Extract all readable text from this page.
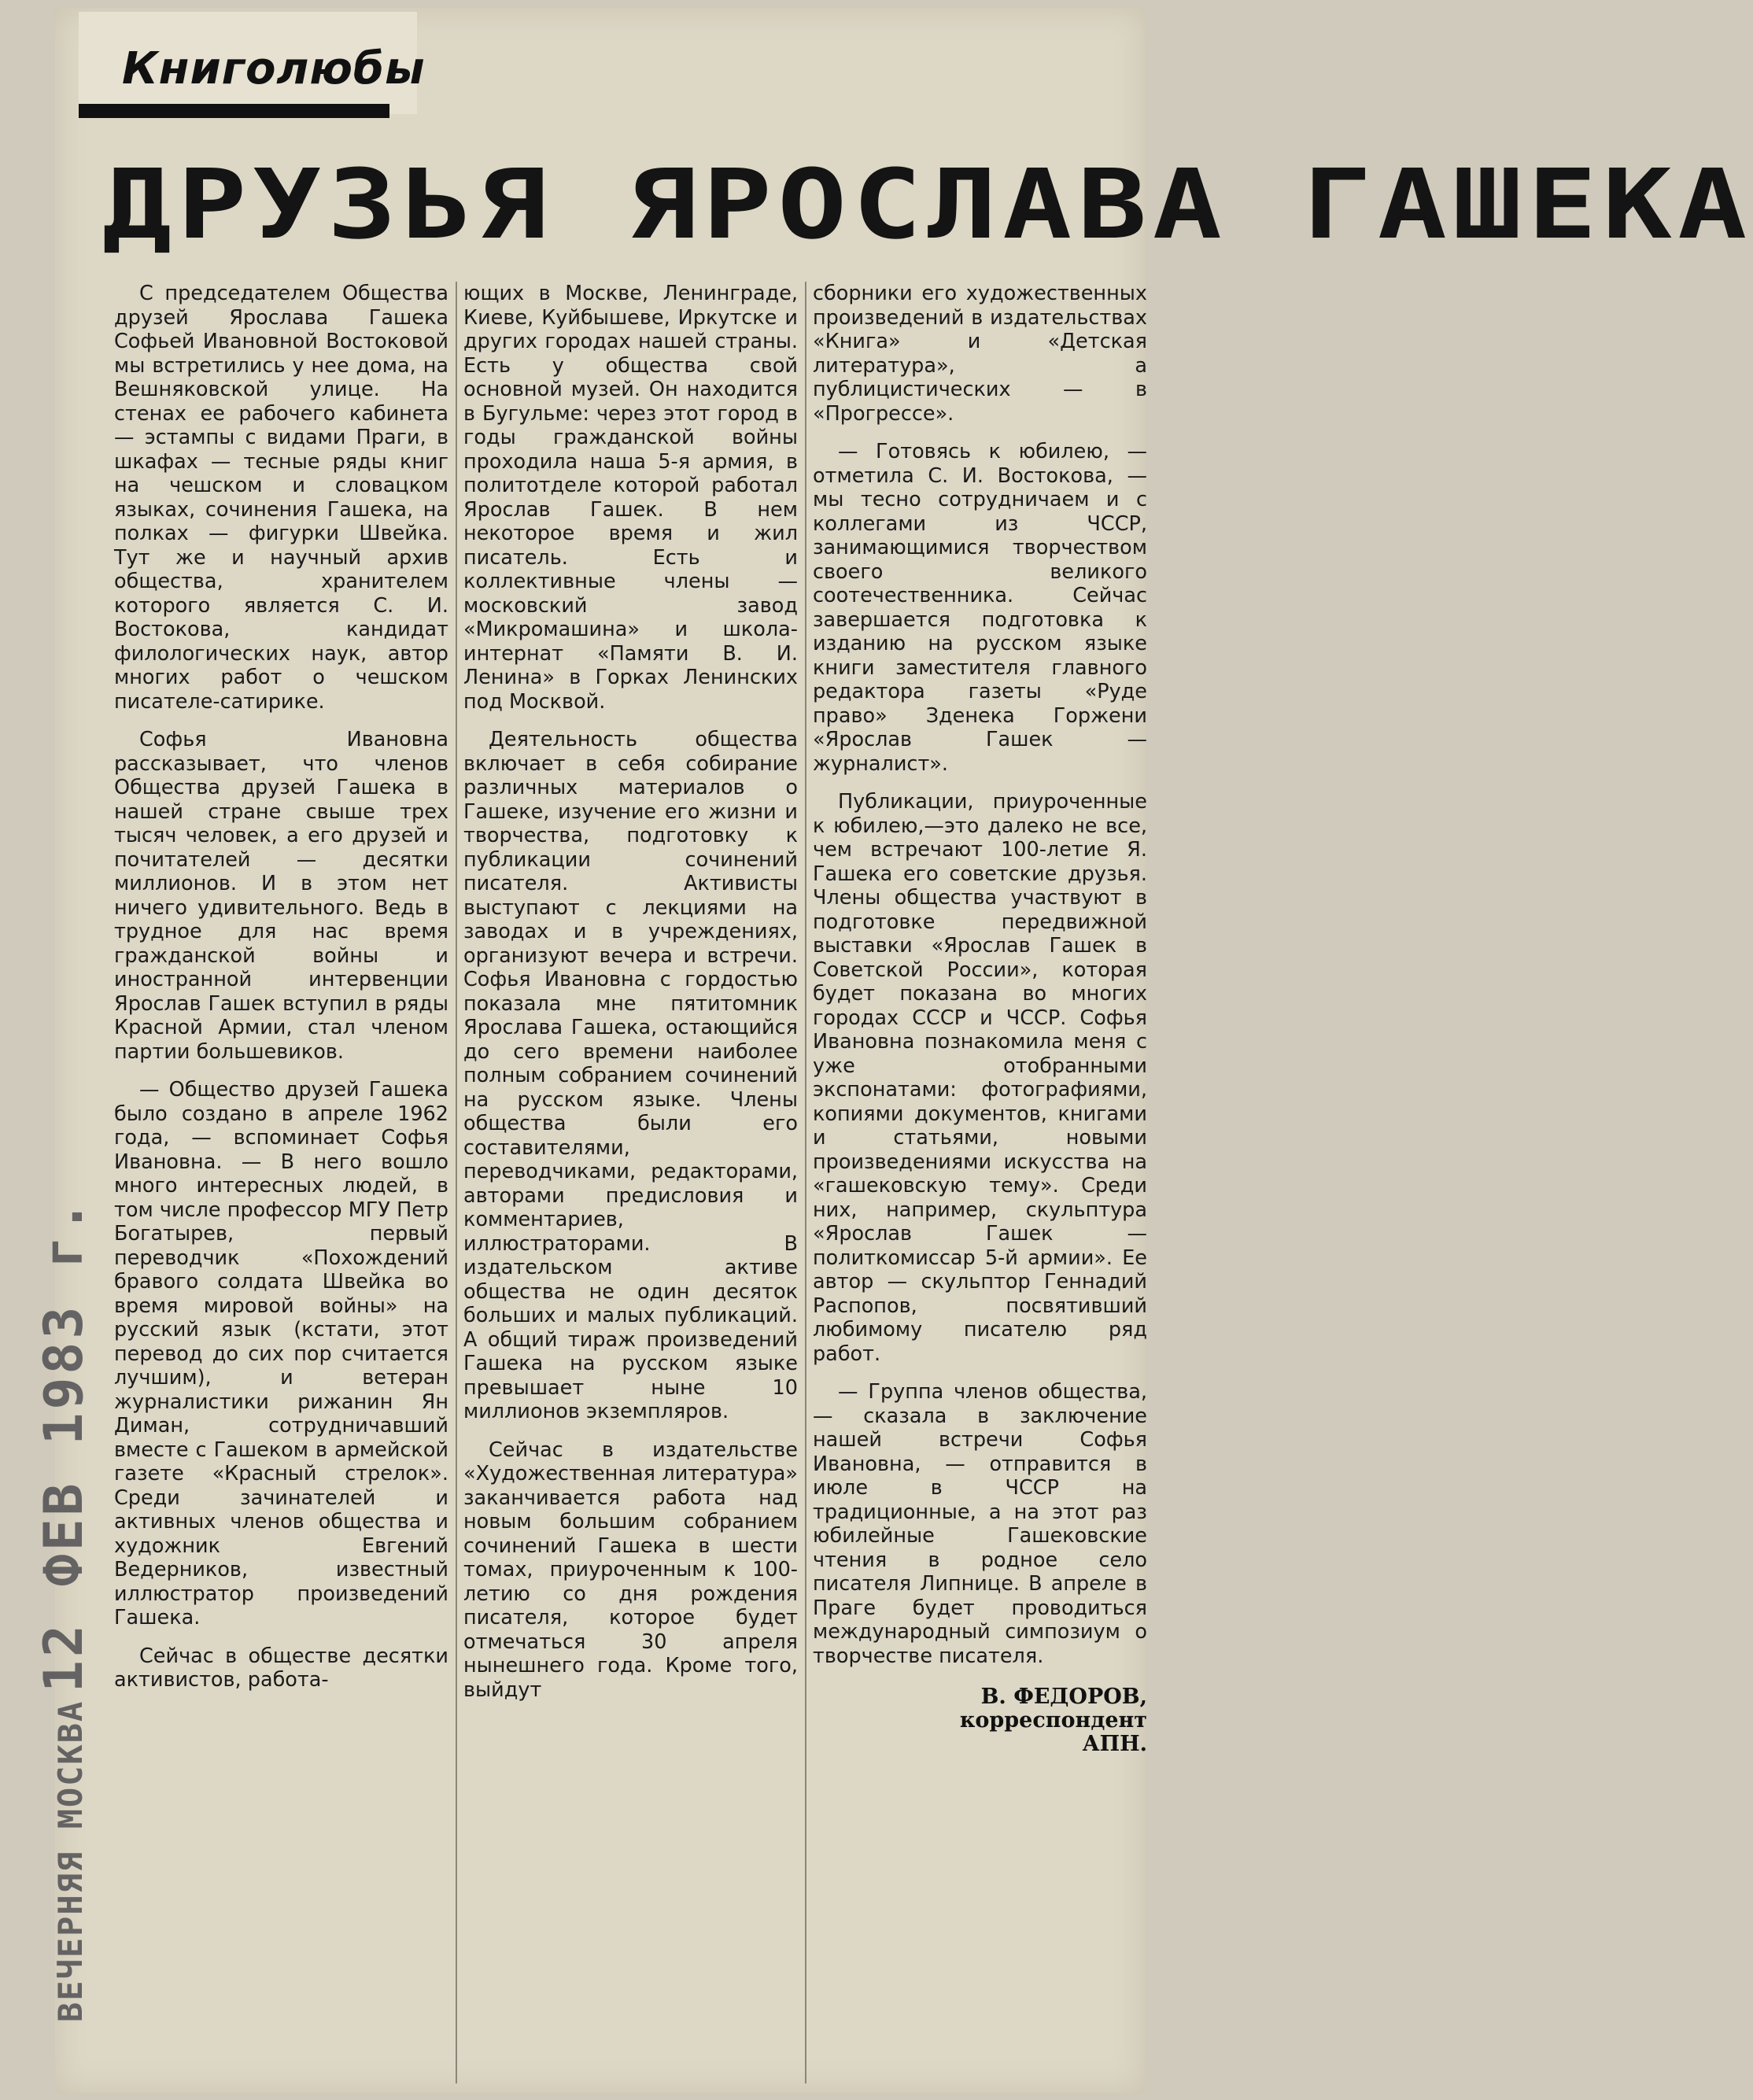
Книголюбы
ДРУЗЬЯ ЯРОСЛАВА ГАШЕКА

С председателем Общества друзей Ярослава Гашека Софьей Ивановной Востоковой мы встретились у нее дома, на Вешняковской улице. На стенах ее рабочего кабинета — эстампы с видами Праги, в шкафах — тесные ряды книг на чешском и словацком языках, сочинения Гашека, на полках — фигурки Швейка. Тут же и научный архив общества, хранителем которого является С. И. Востокова, кандидат филологических наук, автор многих работ о чешском писателе-сатирике.

Софья Ивановна рассказывает, что членов Общества друзей Гашека в нашей стране свыше трех тысяч человек, а его друзей и почитателей — десятки миллионов. И в этом нет ничего удивительного. Ведь в трудное для нас время гражданской войны и иностранной интервенции Ярослав Гашек вступил в ряды Красной Армии, стал членом партии большевиков.

— Общество друзей Гашека было создано в апреле 1962 года, — вспоминает Софья Ивановна. — В него вошло много интересных людей, в том числе профессор МГУ Петр Богатырев, первый переводчик «Похождений бравого солдата Швейка во время мировой войны» на русский язык (кстати, этот перевод до сих пор считается лучшим), и ветеран журналистики рижанин Ян Диман, сотрудничавший вместе с Гашеком в армейской газете «Красный стрелок». Среди зачинателей и активных членов общества и художник Евгений Ведерников, известный иллюстратор произведений Гашека.

Сейчас в обществе десятки активистов, работа-

ющих в Москве, Ленинграде, Киеве, Куйбышеве, Иркутске и других городах нашей страны. Есть у общества свой основной музей. Он находится в Бугульме: через этот город в годы гражданской войны проходила наша 5-я армия, в политотделе которой работал Ярослав Гашек. В нем некоторое время и жил писатель. Есть и коллективные члены — московский завод «Микромашина» и школа-интернат «Памяти В. И. Ленина» в Горках Ленинских под Москвой.

Деятельность общества включает в себя собирание различных материалов о Гашеке, изучение его жизни и творчества, подготовку к публикации сочинений писателя. Активисты выступают с лекциями на заводах и в учреждениях, организуют вечера и встречи. Софья Ивановна с гордостью показала мне пятитомник Ярослава Гашека, остающийся до сего времени наиболее полным собранием сочинений на русском языке. Члены общества были его составителями, переводчиками, редакторами, авторами предисловия и комментариев, иллюстраторами. В издательском активе общества не один десяток больших и малых публикаций. А общий тираж произведений Гашека на русском языке превышает ныне 10 миллионов экземпляров.

Сейчас в издательстве «Художественная литература» заканчивается работа над новым большим собранием сочинений Гашека в шести томах, приуроченным к 100-летию со дня рождения писателя, которое будет отмечаться 30 апреля нынешнего года. Кроме того, выйдут

сборники его художественных произведений в издательствах «Книга» и «Детская литература», а публицистических — в «Прогрессе».

— Готовясь к юбилею, — отметила С. И. Востокова, — мы тесно сотрудничаем и с коллегами из ЧССР, занимающимися творчеством своего великого соотечественника. Сейчас завершается подготовка к изданию на русском языке книги заместителя главного редактора газеты «Руде право» Зденека Горжени «Ярослав Гашек — журналист».

Публикации, приуроченные к юбилею,—это далеко не все, чем встречают 100-летие Я. Гашека его советские друзья. Члены общества участвуют в подготовке передвижной выставки «Ярослав Гашек в Советской России», которая будет показана во многих городах СССР и ЧССР. Софья Ивановна познакомила меня с уже отобранными экспонатами: фотографиями, копиями документов, книгами и статьями, новыми произведениями искусства на «гашековскую тему». Среди них, например, скульптура «Ярослав Гашек — политкомиссар 5-й армии». Ее автор — скульптор Геннадий Распопов, посвятивший любимому писателю ряд работ.

— Группа членов общества, — сказала в заключение нашей встречи Софья Ивановна, — отправится в июле в ЧССР на традиционные, а на этот раз юбилейные Гашековские чтения в родное село писателя Липнице. В апреле в Праге будет проводиться международный симпозиум о творчестве писателя.

В. ФЕДОРОВ,
корреспондент
АПН.
ВЕЧЕРНЯЯ МОСКВА 12 ФЕВ 1983 г.
